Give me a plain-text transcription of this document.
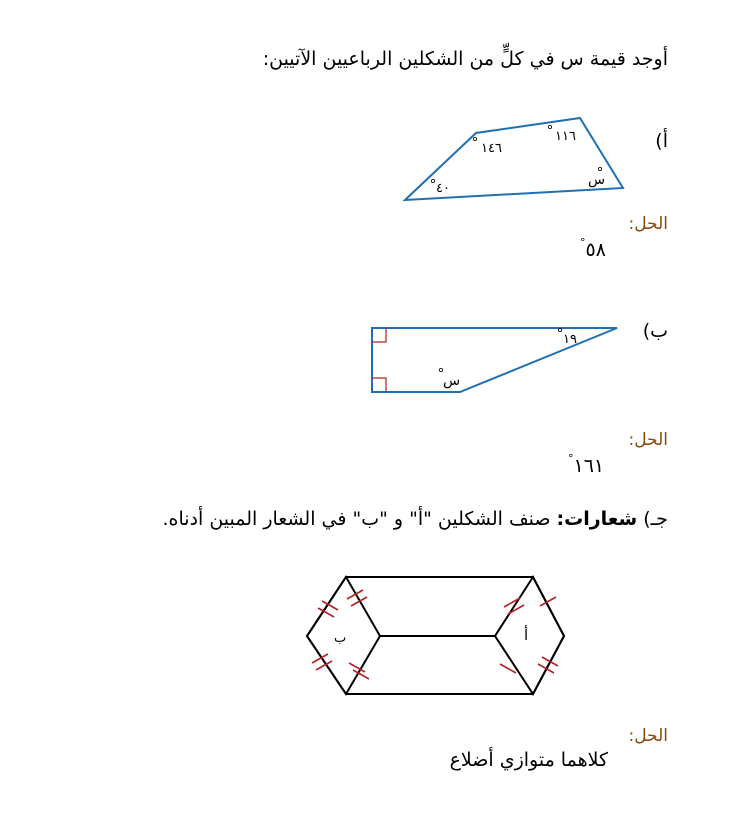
أوجد قيمة س في كلٍّ من الشكلين الرباعيين الآتيين:
أ)
١٤٦
١١٦
٤٠
س
الحل:
°٥٨
ب)
١٩
س
الحل:
°١٦١
جـ) شعارات: صنف الشكلين "أ" و "ب" في الشعار المبين أدناه.
ب	أ
الحل:
كلاهما متوازي أضلاع
